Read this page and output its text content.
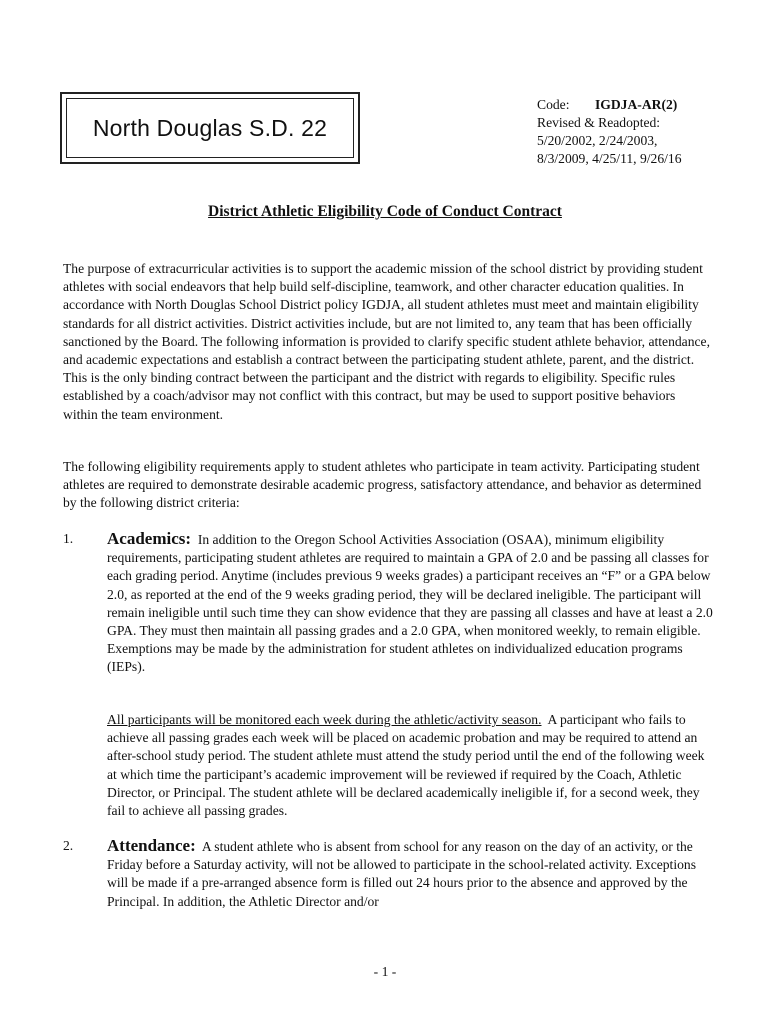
North Douglas S.D. 22
Code: IGDJA-AR(2)
Revised & Readopted:
5/20/2002, 2/24/2003,
8/3/2009, 4/25/11, 9/26/16
District Athletic Eligibility Code of Conduct Contract
The purpose of extracurricular activities is to support the academic mission of the school district by providing student athletes with social endeavors that help build self-discipline, teamwork, and other character education qualities. In accordance with North Douglas School District policy IGDJA, all student athletes must meet and maintain eligibility standards for all district activities. District activities include, but are not limited to, any team that has been officially sanctioned by the Board. The following information is provided to clarify specific student athlete behavior, attendance, and academic expectations and establish a contract between the participating student athlete, parent, and the district. This is the only binding contract between the participant and the district with regards to eligibility. Specific rules established by a coach/advisor may not conflict with this contract, but may be used to support positive behaviors within the team environment.
The following eligibility requirements apply to student athletes who participate in team activity. Participating student athletes are required to demonstrate desirable academic progress, satisfactory attendance, and behavior as determined by the following district criteria:
1. Academics: In addition to the Oregon School Activities Association (OSAA), minimum eligibility requirements, participating student athletes are required to maintain a GPA of 2.0 and be passing all classes for each grading period. Anytime (includes previous 9 weeks grades) a participant receives an “F” or a GPA below 2.0, as reported at the end of the 9 weeks grading period, they will be declared ineligible. The participant will remain ineligible until such time they can show evidence that they are passing all classes and have at least a 2.0 GPA. They must then maintain all passing grades and a 2.0 GPA, when monitored weekly, to remain eligible. Exemptions may be made by the administration for student athletes on individualized education programs (IEPs).
All participants will be monitored each week during the athletic/activity season. A participant who fails to achieve all passing grades each week will be placed on academic probation and may be required to attend an after-school study period. The student athlete must attend the study period until the end of the following week at which time the participant’s academic improvement will be reviewed if required by the Coach, Athletic Director, or Principal. The student athlete will be declared academically ineligible if, for a second week, they fail to achieve all passing grades.
2. Attendance: A student athlete who is absent from school for any reason on the day of an activity, or the Friday before a Saturday activity, will not be allowed to participate in the school-related activity. Exceptions will be made if a pre-arranged absence form is filled out 24 hours prior to the absence and approved by the Principal. In addition, the Athletic Director and/or
- 1 -
